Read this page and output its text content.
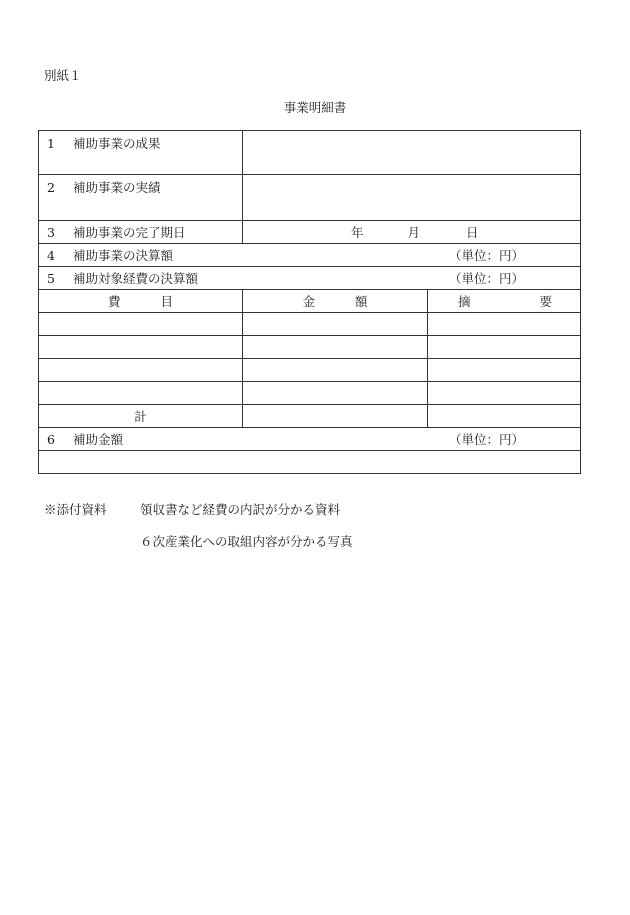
別紙１
事業明細書
1 補助事業の成果		
2 補助事業の実績		
3 補助事業の完了期日	年 月 日	

4 補助事業の決算額 （単位：円）		

5 補助対象経費の決算額 （単位：円）		

費 目	金 額	摘 要

計		
6 補助金額 （単位：円）		

※添付資料	領収書など経費の内訳が分かる資料
６次産業化への取組内容が分かる写真
